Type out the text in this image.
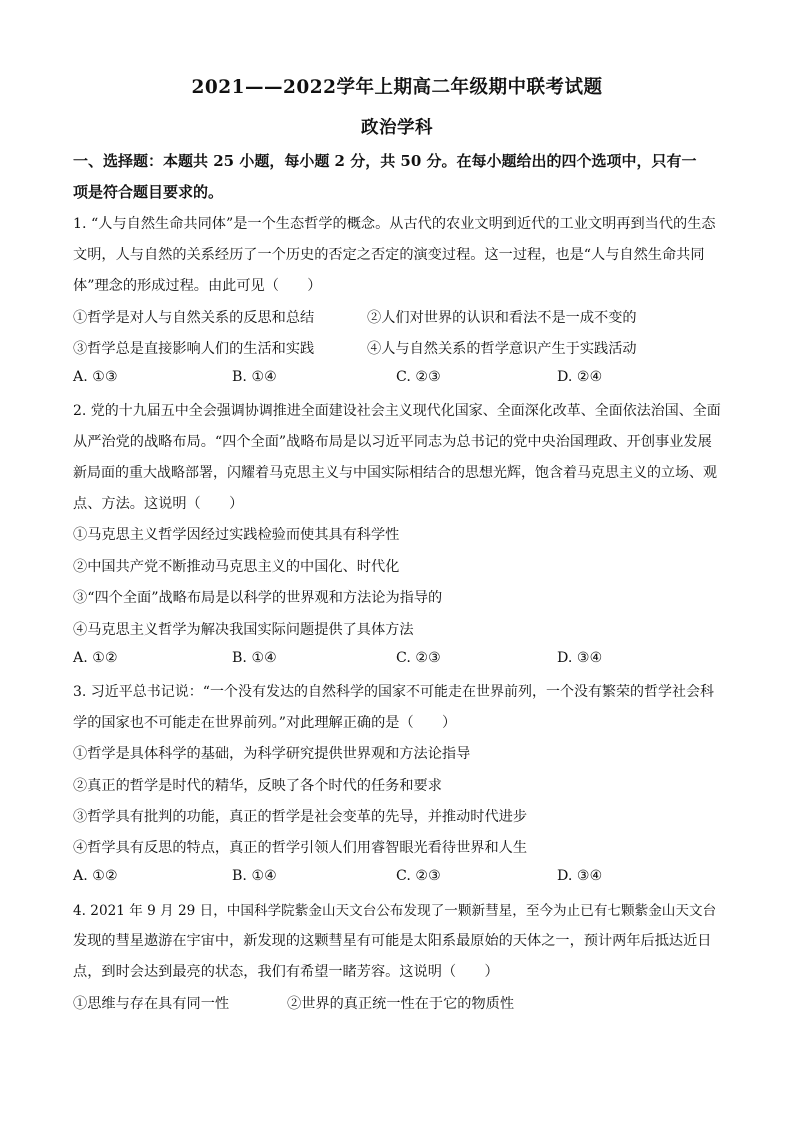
2021——2022学年上期高二年级期中联考试题
政治学科
一、选择题：本题共 25 小题，每小题 2 分，共 50 分。在每小题给出的四个选项中，只有一
项是符合题目要求的。
1. “人与自然生命共同体”是一个生态哲学的概念。从古代的农业文明到近代的工业文明再到当代的生态
文明，人与自然的关系经历了一个历史的否定之否定的演变过程。这一过程，也是“人与自然生命共同
体”理念的形成过程。由此可见（　　）
①哲学是对人与自然关系的反思和总结	②人们对世界的认识和看法不是一成不变的
③哲学总是直接影响人们的生活和实践	④人与自然关系的哲学意识产生于实践活动
A. ①③	B. ①④	C. ②③	D. ②④
2. 党的十九届五中全会强调协调推进全面建设社会主义现代化国家、全面深化改革、全面依法治国、全面
从严治党的战略布局。“四个全面”战略布局是以习近平同志为总书记的党中央治国理政、开创事业发展
新局面的重大战略部署，闪耀着马克思主义与中国实际相结合的思想光辉，饱含着马克思主义的立场、观
点、方法。这说明（　　）
①马克思主义哲学因经过实践检验而使其具有科学性
②中国共产党不断推动马克思主义的中国化、时代化
③“四个全面”战略布局是以科学的世界观和方法论为指导的
④马克思主义哲学为解决我国实际问题提供了具体方法
A. ①②	B. ①④	C. ②③	D. ③④
3. 习近平总书记说：“一个没有发达的自然科学的国家不可能走在世界前列，一个没有繁荣的哲学社会科
学的国家也不可能走在世界前列。”对此理解正确的是（　　）
①哲学是具体科学的基础，为科学研究提供世界观和方法论指导
②真正的哲学是时代的精华，反映了各个时代的任务和要求
③哲学具有批判的功能，真正的哲学是社会变革的先导，并推动时代进步
④哲学具有反思的特点，真正的哲学引领人们用睿智眼光看待世界和人生
A. ①②	B. ①④	C. ②③	D. ③④
4. 2021 年 9 月 29 日，中国科学院紫金山天文台公布发现了一颗新彗星，至今为止已有七颗紫金山天文台
发现的彗星遨游在宇宙中，新发现的这颗彗星有可能是太阳系最原始的天体之一，预计两年后抵达近日
点，到时会达到最亮的状态，我们有希望一睹芳容。这说明（　　）
①思维与存在具有同一性	②世界的真正统一性在于它的物质性
